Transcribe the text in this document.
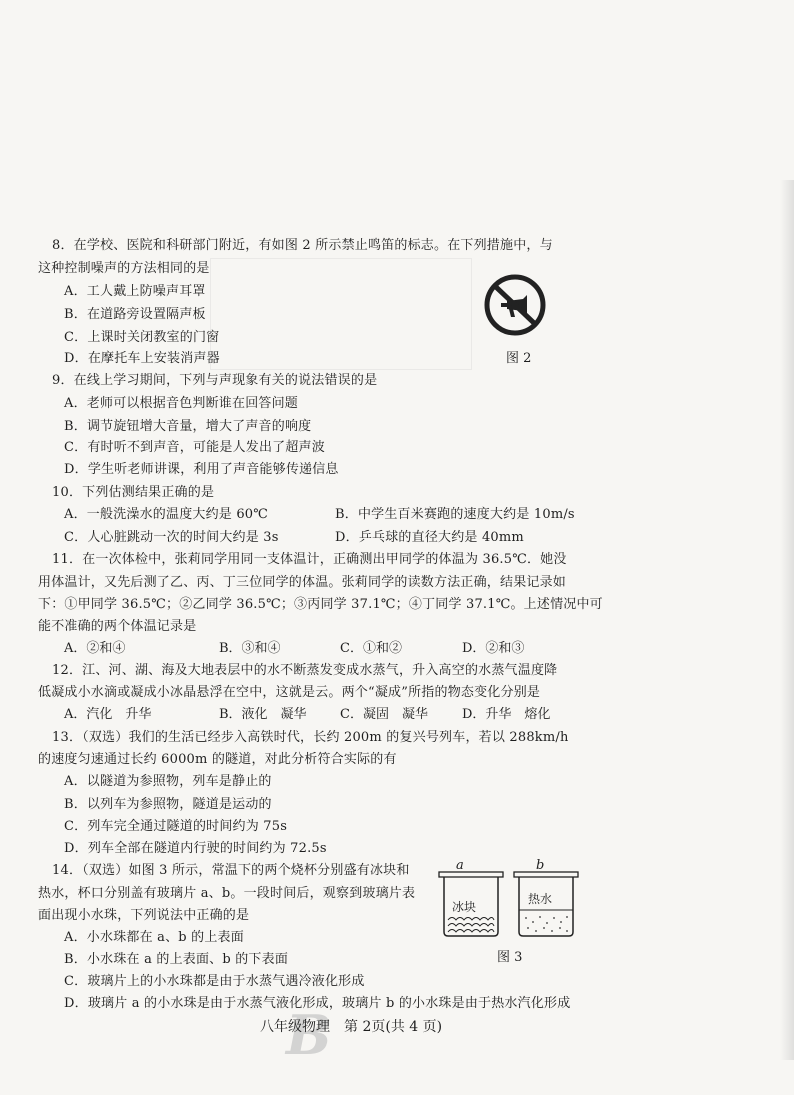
8．在学校、医院和科研部门附近，有如图 2 所示禁止鸣笛的标志。在下列措施中，与
这种控制噪声的方法相同的是
A．工人戴上防噪声耳罩
B．在道路旁设置隔声板
C．上课时关闭教室的门窗
D．在摩托车上安装消声器	图 2
9．在线上学习期间，下列与声现象有关的说法错误的是
A．老师可以根据音色判断谁在回答问题
B．调节旋钮增大音量，增大了声音的响度
C．有时听不到声音，可能是人发出了超声波
D．学生听老师讲课，利用了声音能够传递信息
10．下列估测结果正确的是
A．一般洗澡水的温度大约是 60℃	B．中学生百米赛跑的速度大约是 10m/s
C．人心脏跳动一次的时间大约是 3s	D．乒乓球的直径大约是 40mm
11．在一次体检中，张莉同学用同一支体温计，正确测出甲同学的体温为 36.5℃．她没
用体温计，又先后测了乙、丙、丁三位同学的体温。张莉同学的读数方法正确，结果记录如
下：①甲同学 36.5℃；②乙同学 36.5℃；③丙同学 37.1℃；④丁同学 37.1℃。上述情况中可
能不准确的两个体温记录是
A．②和④	B．③和④	C．①和②	D．②和③
12．江、河、湖、海及大地表层中的水不断蒸发变成水蒸气，升入高空的水蒸气温度降
低凝成小水滴或凝成小冰晶悬浮在空中，这就是云。两个“凝成”所指的物态变化分别是
A．汽化　升华	B．液化　凝华	C．凝固　凝华	D．升华　熔化
13．（双选）我们的生活已经步入高铁时代，长约 200m 的复兴号列车，若以 288km/h
的速度匀速通过长约 6000m 的隧道，对此分析符合实际的有
A．以隧道为参照物，列车是静止的
B．以列车为参照物，隧道是运动的
C．列车完全通过隧道的时间约为 75s
D．列车全部在隧道内行驶的时间约为 72.5s
14．（双选）如图 3 所示，常温下的两个烧杯分别盛有冰块和
热水，杯口分别盖有玻璃片 a、b。一段时间后，观察到玻璃片表
面出现小水珠，下列说法中正确的是
A．小水珠都在 a、b 的上表面
B．小水珠在 a 的上表面、b 的下表面
C．玻璃片上的小水珠都是由于水蒸气遇冷液化形成
D．玻璃片 a 的小水珠是由于水蒸气液化形成，玻璃片 b 的小水珠是由于热水汽化形成
a	b
冰块
热水
图 3
B
八年级物理　第 2页(共 4 页)
